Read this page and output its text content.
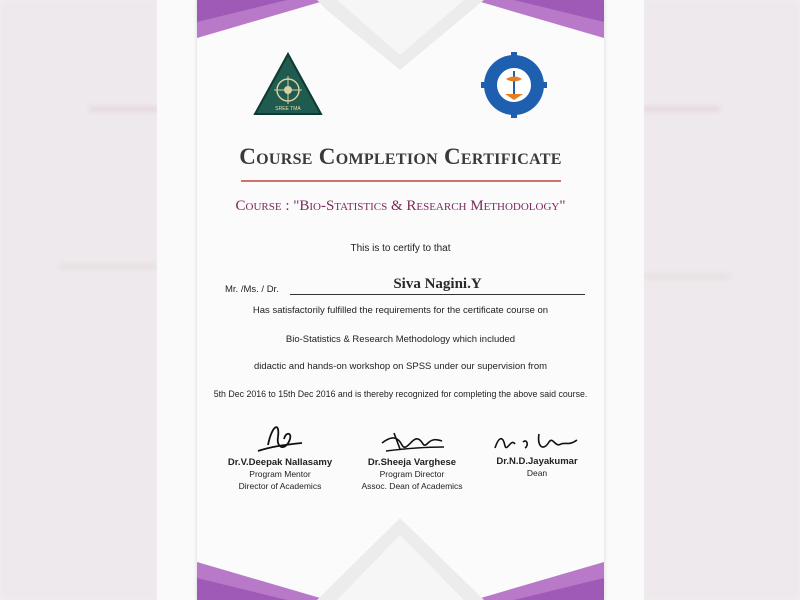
SREE TMA
Course Completion Certificate
Course : "Bio-Statistics & Research Methodology"
This is to certify to that
Mr. /Ms. / Dr.	Siva Nagini.Y
Has satisfactorily fulfilled the requirements for the certificate course on
Bio-Statistics & Research Methodology which included
didactic and hands-on workshop on SPSS under our supervision from
5th Dec 2016 to 15th Dec 2016 and is thereby recognized for completing the above said course.
Dr.V.Deepak Nallasamy
Program Mentor
Director of Academics
Dr.Sheeja Varghese
Program Director
Assoc. Dean of Academics
Dr.N.D.Jayakumar
Dean
